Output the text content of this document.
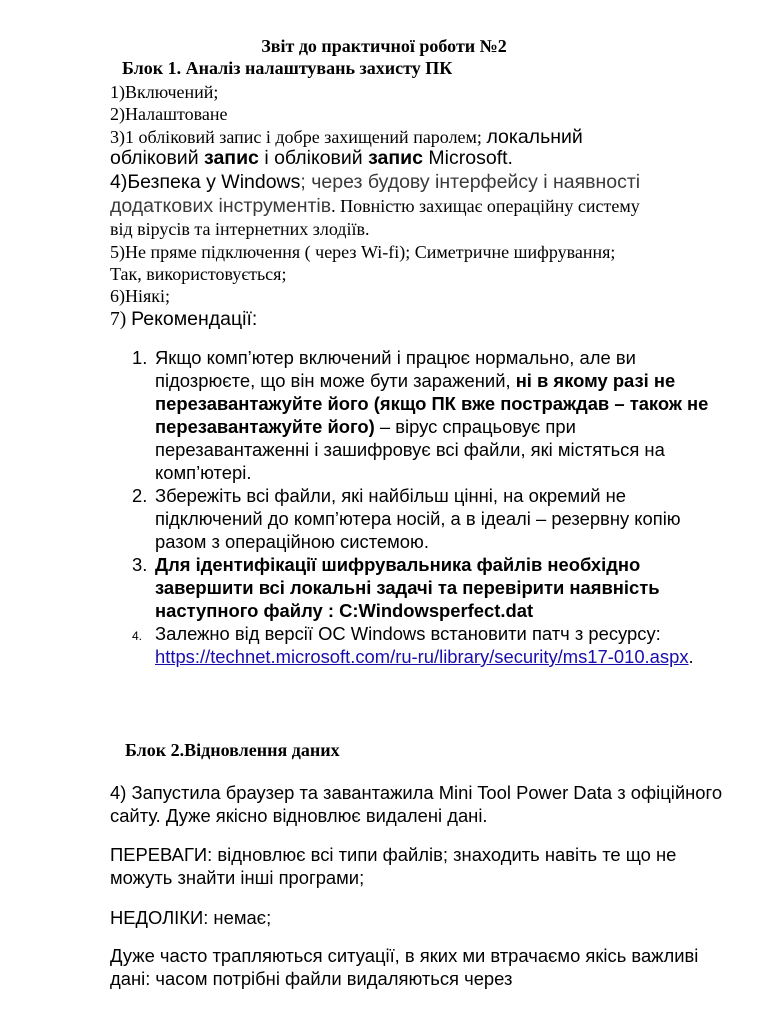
Звіт до практичної роботи №2
Блок 1. Аналіз налаштувань захисту ПК
1)Включений;
2)Налаштоване
3)1 обліковий запис і добре захищений паролем; локальний
обліковий запис і обліковий запис Microsoft.
4)Безпека у Windows; через будову інтерфейсу і наявності
додаткових інструментів. Повністю захищає операційну систему
від вірусів та інтернетних злодіїв.
5)Не пряме підключення ( через Wi-fi); Симетричне шифрування;
Так, використовується;
6)Ніякі;
7) Рекомендації:
1. Якщо комп’ютер включений і працює нормально, але ви підозрюєте, що він може бути заражений, ні в якому разі не перезавантажуйте його (якщо ПК вже постраждав – також не перезавантажуйте його) – вірус спрацьовує при перезавантаженні і зашифровує всі файли, які містяться на комп’ютері.
2. Збережіть всі файли, які найбільш цінні, на окремий не підключений до комп’ютера носій, а в ідеалі – резервну копію разом з операційною системою.
3. Для ідентифікації шифрувальника файлів необхідно завершити всі локальні задачі та перевірити наявність наступного файлу : C:Windowsperfect.dat
4. Залежно від версії ОС Windows встановити патч з ресурсу: https://technet.microsoft.com/ru-ru/library/security/ms17-010.aspx.
Блок 2.Відновлення даних
4) Запустила браузер та завантажила Mini Tool Power Data з офіційного сайту. Дуже якісно відновлює видалені дані.
ПЕРЕВАГИ: відновлює всі типи файлів; знаходить навіть те що не можуть знайти інші програми;
НЕДОЛІКИ: немає;
Дуже часто трапляються ситуації, в яких ми втрачаємо якісь важливі дані: часом потрібні файли видаляються через
